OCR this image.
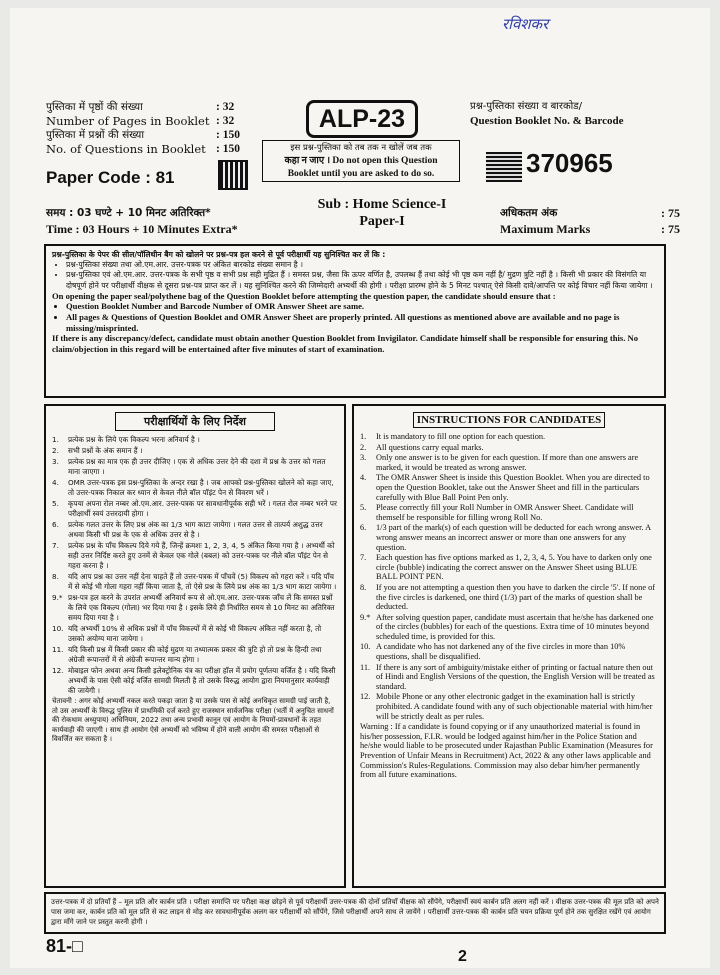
रविशकर
पुस्तिका में पृष्ठों की संख्या	: 32
Number of Pages in Booklet : 32
पुस्तिका में प्रश्नों की संख्या	: 150
No. of Questions in Booklet : 150
Paper Code : 81
ALP-23
इस प्रश्न-पुस्तिका को तब तक न खोलें जब तक
कहा न जाए । Do not open this Question
Booklet until you are asked to do so.
प्रश्न-पुस्तिका संख्या व बारकोड/
Question Booklet No. & Barcode
370965
समय : 03 घण्टे + 10 मिनट अतिरिक्त*
Time : 03 Hours + 10 Minutes Extra*
Sub : Home Science-I
Paper-I
अधिकतम अंक	: 75
Maximum Marks	: 75
प्रश्न-पुस्तिका के पेपर की सील/पॉलिथीन बैग को खोलने पर प्रश्न-पत्र हल करने से पूर्व परीक्षार्थी यह सुनिश्चित कर लें कि :
• प्रश्न-पुस्तिका संख्या तथा ओ.एम.आर. उत्तर-पत्रक पर अंकित बारकोड संख्या समान है ।
• प्रश्न-पुस्तिका एवं ओ.एम.आर. उत्तर-पत्रक के सभी पृष्ठ व सभी प्रश्न सही मुद्रित हैं । समस्त प्रश्न, जैसा कि ऊपर वर्णित है, उपलब्ध हैं तथा कोई भी पृष्ठ कम नहीं है/ मुद्रण त्रुटि नहीं है । किसी भी प्रकार की विसंगति या दोषपूर्ण होने पर परीक्षार्थी वीक्षक से दूसरा प्रश्न-पत्र प्राप्त कर लें । यह सुनिश्चित करने की जिम्मेदारी अभ्यर्थी की होगी । परीक्षा प्रारम्भ होने के 5 मिनट पश्चात् ऐसे किसी दावे/आपत्ति पर कोई विचार नहीं किया जायेगा ।
On opening the paper seal/polythene bag of the Question Booklet before attempting the question paper, the candidate should ensure that :
• Question Booklet Number and Barcode Number of OMR Answer Sheet are same.
• All pages & Questions of Question Booklet and OMR Answer Sheet are properly printed. All questions as mentioned above are available and no page is missing/misprinted.
If there is any discrepancy/defect, candidate must obtain another Question Booklet from Invigilator. Candidate himself shall be responsible for ensuring this. No claim/objection in this regard will be entertained after five minutes of start of examination.
परीक्षार्थियों के लिए निर्देश
1.	प्रत्येक प्रश्न के लिये एक विकल्प भरना अनिवार्य है ।
2.	सभी प्रश्नों के अंक समान हैं ।
3.	प्रत्येक प्रश्न का मात्र एक ही उत्तर दीजिए । एक से अधिक उत्तर देने की दशा में प्रश्न के उत्तर को गलत माना जाएगा ।
4.	OMR उत्तर-पत्रक इस प्रश्न-पुस्तिका के अन्दर रखा है । जब आपको प्रश्न-पुस्तिका खोलने को कहा जाए, तो उत्तर-पत्रक निकाल कर ध्यान से केवल नीले बॉल पॉइंट पेन से विवरण भरें ।
5.	कृपया अपना रोल नम्बर ओ.एम.आर. उत्तर-पत्रक पर सावधानीपूर्वक सही भरें । गलत रोल नम्बर भरने पर परीक्षार्थी स्वयं उत्तरदायी होगा ।
6.	प्रत्येक गलत उत्तर के लिए प्रश्न अंक का 1/3 भाग काटा जायेगा । गलत उत्तर से तात्पर्य अशुद्ध उत्तर अथवा किसी भी प्रश्न के एक से अधिक उत्तर से है ।
7.	प्रत्येक प्रश्न के पाँच विकल्प दिये गये हैं, जिन्हें क्रमशः 1, 2, 3, 4, 5 अंकित किया गया है । अभ्यर्थी को सही उत्तर निर्दिष्ट करते हुए उनमें से केवल एक गोले (बबल) को उत्तर-पत्रक पर नीले बॉल पॉइंट पेन से गहरा करना है ।
8.	यदि आप प्रश्न का उत्तर नहीं देना चाहते हैं तो उत्तर-पत्रक में पाँचवें (5) विकल्प को गहरा करें । यदि पाँच में से कोई भी गोला गहरा नहीं किया जाता है, तो ऐसे प्रश्न के लिये प्रश्न अंक का 1/3 भाग काटा जायेगा ।
9.* प्रश्न-पत्र हल करने के उपरांत अभ्यर्थी अनिवार्य रूप से ओ.एम.आर. उत्तर-पत्रक जाँच लें कि समस्त प्रश्नों के लिये एक विकल्प (गोला) भर दिया गया है । इसके लिये ही निर्धारित समय से 10 मिनट का अतिरिक्त समय दिया गया है ।
10. यदि अभ्यर्थी 10% से अधिक प्रश्नों में पाँच विकल्पों में से कोई भी विकल्प अंकित नहीं करता है, तो उसको अयोग्य माना जायेगा ।
11. यदि किसी प्रश्न में किसी प्रकार की कोई मुद्रण या तथ्यात्मक प्रकार की त्रुटि हो तो प्रश्न के हिन्दी तथा अंग्रेजी रूपान्तरों में से अंग्रेजी रूपान्तर मान्य होगा ।
12. मोबाइल फोन अथवा अन्य किसी इलेक्ट्रोनिक यंत्र का परीक्षा हॉल में प्रयोग पूर्णतया वर्जित है । यदि किसी अभ्यर्थी के पास ऐसी कोई वर्जित सामग्री मिलती है तो उसके विरुद्ध आयोग द्वारा नियमानुसार कार्यवाही की जायेगी ।
चेतावनी : अगर कोई अभ्यर्थी नकल करते पकड़ा जाता है या उसके पास से कोई अनधिकृत सामग्री पाई जाती है, तो उस अभ्यर्थी के विरुद्ध पुलिस में प्राथमिकी दर्ज करते हुए राजस्थान सार्वजनिक परीक्षा (भर्ती में अनुचित साधनों की रोकथाम अध्युपाय) अधिनियम, 2022 तथा अन्य प्रभावी कानून एवं आयोग के नियमों-प्रावधानों के तहत कार्यवाही की जाएगी । साथ ही आयोग ऐसे अभ्यर्थी को भविष्य में होने वाली आयोग की समस्त परीक्षाओं से विवर्जित कर सकता है ।
INSTRUCTIONS FOR CANDIDATES
1.	It is mandatory to fill one option for each question.
2.	All questions carry equal marks.
3.	Only one answer is to be given for each question. If more than one answers are marked, it would be treated as wrong answer.
4.	The OMR Answer Sheet is inside this Question Booklet. When you are directed to open the Question Booklet, take out the Answer Sheet and fill in the particulars carefully with Blue Ball Point Pen only.
5.	Please correctly fill your Roll Number in OMR Answer Sheet. Candidate will themself be responsible for filling wrong Roll No.
6.	1/3 part of the mark(s) of each question will be deducted for each wrong answer. A wrong answer means an incorrect answer or more than one answers for any question.
7.	Each question has five options marked as 1, 2, 3, 4, 5. You have to darken only one circle (bubble) indicating the correct answer on the Answer Sheet using BLUE BALL POINT PEN.
8.	If you are not attempting a question then you have to darken the circle '5'. If none of the five circles is darkened, one third (1/3) part of the marks of question shall be deducted.
9.* After solving question paper, candidate must ascertain that he/she has darkened one of the circles (bubbles) for each of the questions. Extra time of 10 minutes beyond scheduled time, is provided for this.
10. A candidate who has not darkened any of the five circles in more than 10% questions, shall be disqualified.
11. If there is any sort of ambiguity/mistake either of printing or factual nature then out of Hindi and English Versions of the question, the English Version will be treated as standard.
12. Mobile Phone or any other electronic gadget in the examination hall is strictly prohibited. A candidate found with any of such objectionable material with him/her will be strictly dealt as per rules.
Warning : If a candidate is found copying or if any unauthorized material is found in his/her possession, F.I.R. would be lodged against him/her in the Police Station and he/she would liable to be prosecuted under Rajasthan Public Examination (Measures for Prevention of Unfair Means in Recruitment) Act, 2022 & any other laws applicable and Commission's Rules-Regulations. Commission may also debar him/her permanently from all future examinations.
उत्तर-पत्रक में दो प्रतियाँ हैं – मूल प्रति और कार्बन प्रति । परीक्षा समाप्ति पर परीक्षा कक्ष छोड़ने से पूर्व परीक्षार्थी उत्तर-पत्रक की दोनों प्रतियाँ वीक्षक को सौंपेंगे, परीक्षार्थी स्वयं कार्बन प्रति अलग नहीं करें । वीक्षक उत्तर-पत्रक की मूल प्रति को अपने पास जमा कर, कार्बन प्रति को मूल प्रति से कट लाइन से मोड़ कर सावधानीपूर्वक अलग कर परीक्षार्थी को सौंपेंगे, जिसे परीक्षार्थी अपने साथ ले जायेंगे । परीक्षार्थी उत्तर-पत्रक की कार्बन प्रति चयन प्रक्रिया पूर्ण होने तक सुरक्षित रखेंगे एवं आयोग द्वारा माँगे जाने पर प्रस्तुत करनी होगी ।
81-□
2
